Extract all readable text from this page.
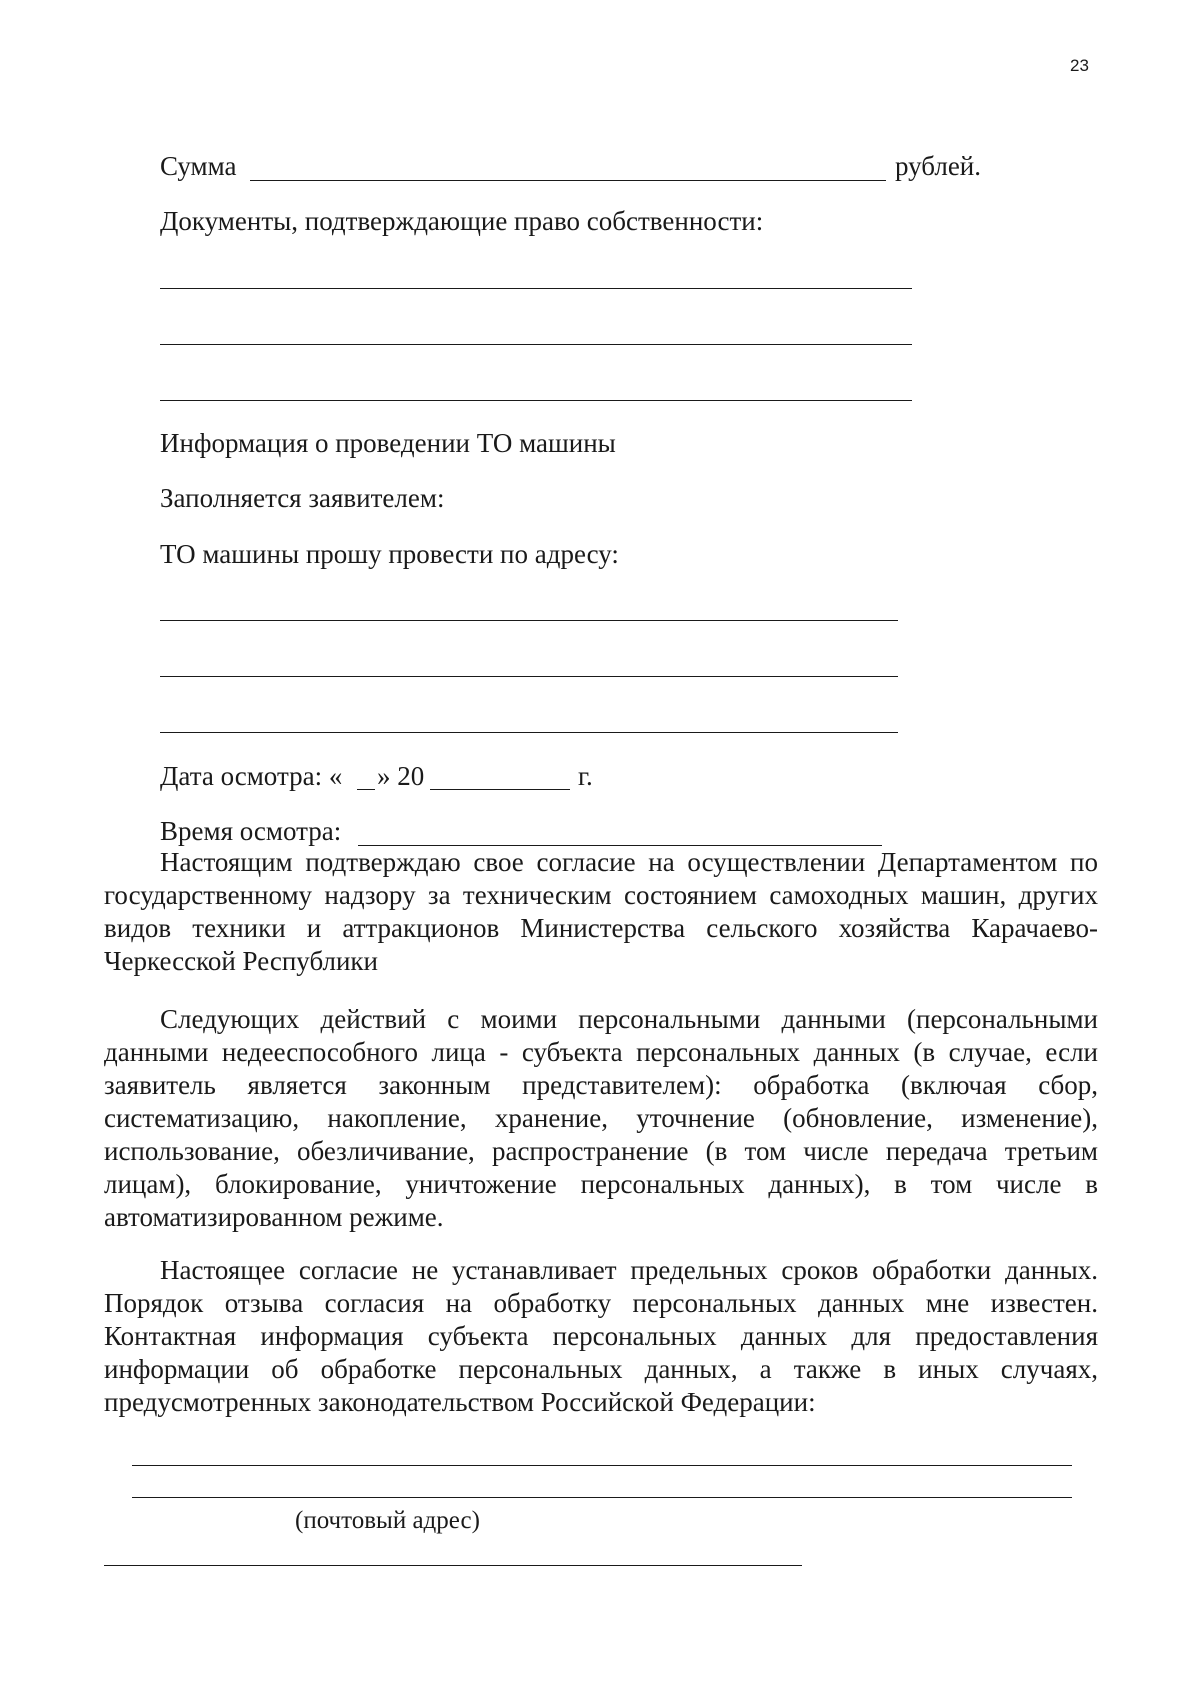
23
Сумма	рублей.
Документы, подтверждающие право собственности:
Информация о проведении ТО машины
Заполняется заявителем:
ТО машины прошу провести по адресу:
Дата осмотра: « » 20	г.
Время осмотра:
Настоящим подтверждаю свое согласие на осуществлении Департаментом по государственному надзору за техническим состоянием самоходных машин, других видов техники и аттракционов Министерства сельского хозяйства Карачаево-Черкесской Республики
Следующих действий с моими персональными данными (персональными данными недееспособного лица - субъекта персональных данных (в случае, если заявитель является законным представителем): обработка (включая сбор, систематизацию, накопление, хранение, уточнение (обновление, изменение), использование, обезличивание, распространение (в том числе передача третьим лицам), блокирование, уничтожение персональных данных), в том числе в автоматизированном режиме.
Настоящее согласие не устанавливает предельных сроков обработки данных. Порядок отзыва согласия на обработку персональных данных мне известен. Контактная информация субъекта персональных данных для предоставления информации об обработке персональных данных, а также в иных случаях, предусмотренных законодательством Российской Федерации:
(почтовый адрес)
